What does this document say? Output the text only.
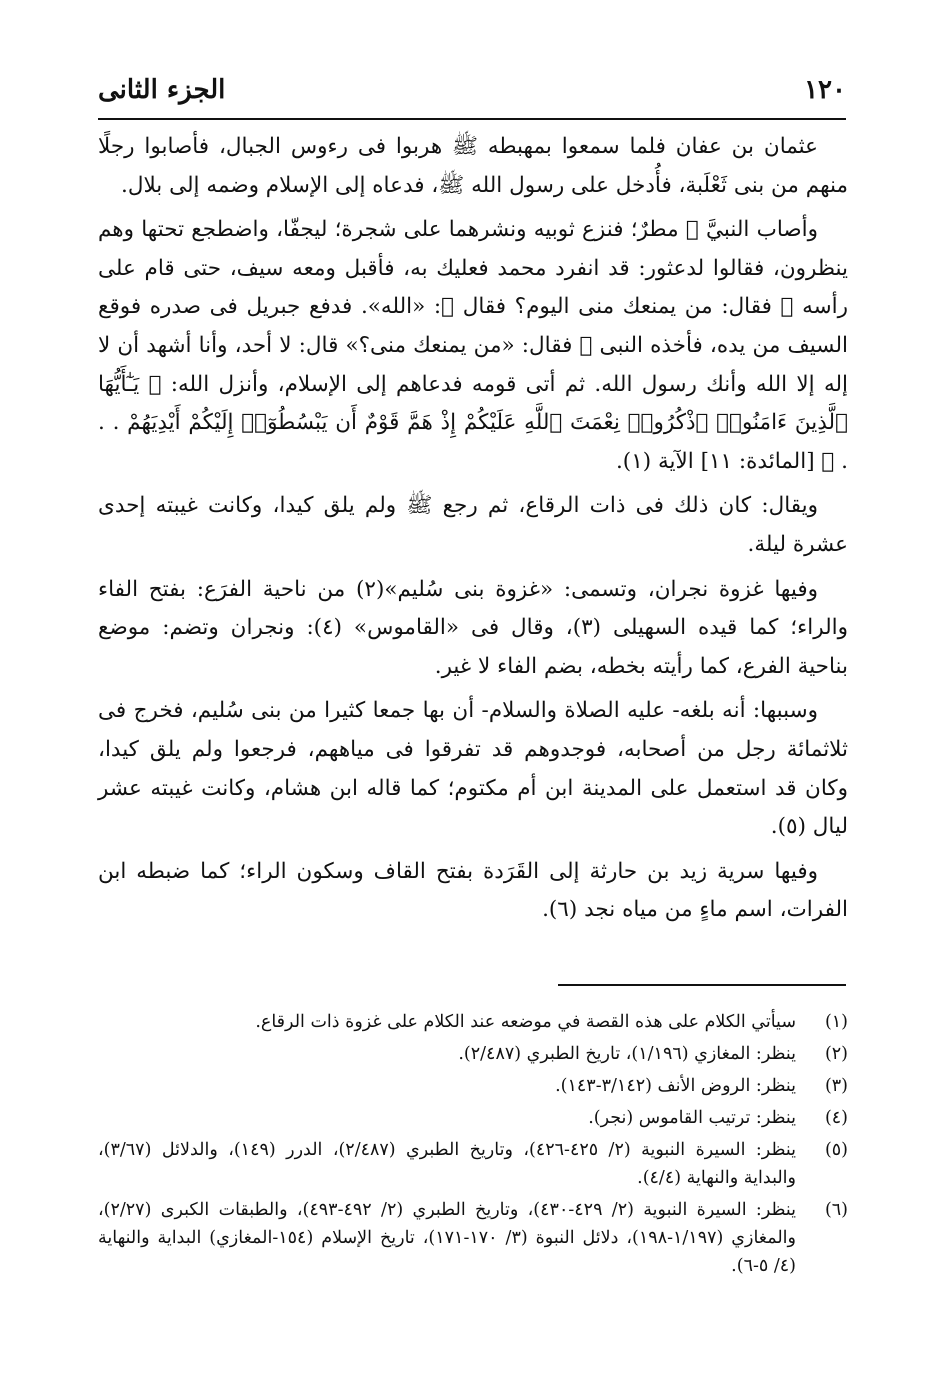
١٢٠
الجزء الثانى

عثمان بن عفان فلما سمعوا بمهبطه ﷺ هربوا فى رءوس الجبال، فأصابوا رجلًا منهم من بنى ثَعْلَبة، فأُدخل على رسول الله ﷺ، فدعاه إلى الإسلام وضمه إلى بلال.

وأصاب النبيَّ ﷺ مطرٌ؛ فنزع ثوبيه ونشرهما على شجرة؛ ليجفّا، واضطجع تحتها وهم ينظرون، فقالوا لدعثور: قد انفرد محمد فعليك به، فأقبل ومعه سيف، حتى قام على رأسه ﷺ فقال: من يمنعك منى اليوم؟ فقال ﷺ: «الله». فدفع جبريل فى صدره فوقع السيف من يده، فأخذه النبى ﷺ فقال: «من يمنعك منى؟» قال: لا أحد، وأنا أشهد أن لا إله إلا الله وأنك رسول الله. ثم أتى قومه فدعاهم إلى الإسلام، وأنزل الله: ﴿ يَـٰٓأَيُّهَا ٱلَّذِينَ ءَامَنُوا۟ ٱذْكُرُوا۟ نِعْمَتَ ٱللَّهِ عَلَيْكُمْ إِذْ هَمَّ قَوْمٌ أَن يَبْسُطُوٓا۟ إِلَيْكُمْ أَيْدِيَهُمْ . . . ﴾ [المائدة: ١١] الآية (١).

ويقال: كان ذلك فى ذات الرقاع، ثم رجع ﷺ ولم يلق كيدا، وكانت غيبته إحدى عشرة ليلة.

وفيها غزوة نجران، وتسمى: «غزوة بنى سُليم»(٢) من ناحية الفرَع: بفتح الفاء والراء؛ كما قيده السهيلى (٣)، وقال فى «القاموس» (٤): ونجران وتضم: موضع بناحية الفرع، كما رأيته بخطه، بضم الفاء لا غير.

وسببها: أنه بلغه- عليه الصلاة والسلام- أن بها جمعا كثيرا من بنى سُليم، فخرج فى ثلاثمائة رجل من أصحابه، فوجدوهم قد تفرقوا فى مياههم، فرجعوا ولم يلق كيدا، وكان قد استعمل على المدينة ابن أم مكتوم؛ كما قاله ابن هشام، وكانت غيبته عشر ليال (٥).

وفيها سرية زيد بن حارثة إلى القَرَدة بفتح القاف وسكون الراء؛ كما ضبطه ابن الفرات، اسم ماءٍ من مياه نجد (٦).

(١)
سيأتي الكلام على هذه القصة في موضعه عند الكلام على غزوة ذات الرقاع.
(٢)
ينظر: المغازي (١/١٩٦)، تاريخ الطبري (٢/٤٨٧).
(٣)
ينظر: الروض الأنف (٣/١٤٢-١٤٣).
(٤)
ينظر: ترتيب القاموس (نجر).
(٥)
ينظر: السيرة النبوية (٢/ ٤٢٥-٤٢٦)، وتاريخ الطبري (٢/٤٨٧)، الدرر (١٤٩)، والدلائل (٣/٦٧)، والبداية والنهاية (٤/٤).
(٦)
ينظر: السيرة النبوية (٢/ ٤٢٩-٤٣٠)، وتاريخ الطبري (٢/ ٤٩٢-٤٩٣)، والطبقات الكبرى (٢/٢٧)، والمغازي (١/١٩٧-١٩٨)، دلائل النبوة (٣/ ١٧٠-١٧١)، تاريخ الإسلام (١٥٤-المغازي) البداية والنهاية (٤/ ٥-٦).
